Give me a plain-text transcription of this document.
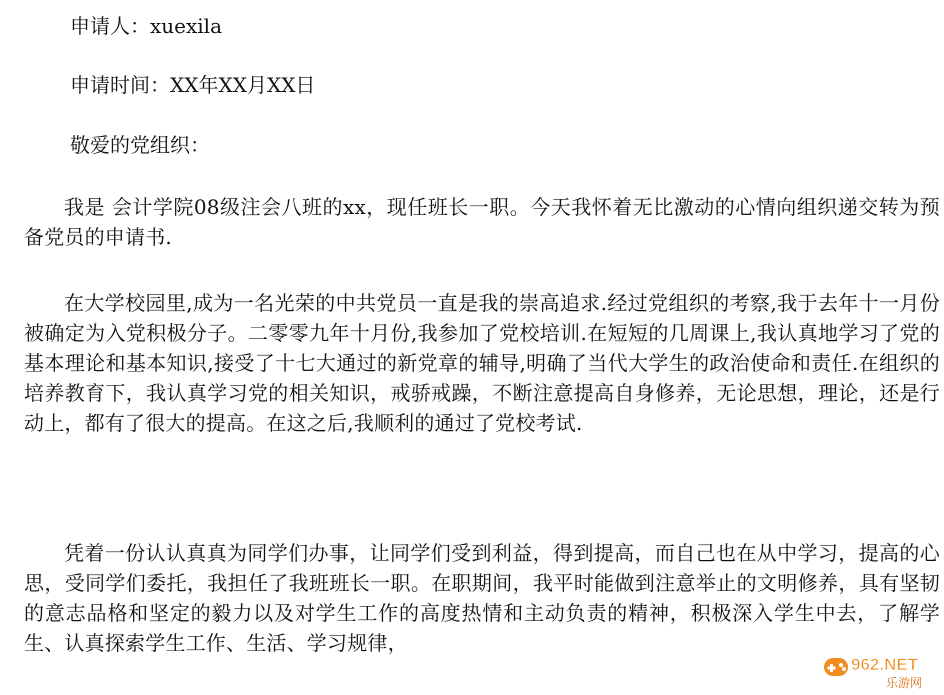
申请人：xuexila
申请时间：XX年XX月XX日
敬爱的党组织：

我是 会计学院08级注会八班的xx，现任班长一职。今天我怀着无比激动的心情向组织递交转为预备党员的申请书.

在大学校园里,成为一名光荣的中共党员一直是我的崇高追求.经过党组织的考察,我于去年十一月份被确定为入党积极分子。二零零九年十月份,我参加了党校培训.在短短的几周课上,我认真地学习了党的基本理论和基本知识,接受了十七大通过的新党章的辅导,明确了当代大学生的政治使命和责任.在组织的培养教育下，我认真学习党的相关知识，戒骄戒躁，不断注意提高自身修养，无论思想，理论，还是行动上，都有了很大的提高。在这之后,我顺利的通过了党校考试.

凭着一份认认真真为同学们办事，让同学们受到利益，得到提高，而自己也在从中学习，提高的心思，受同学们委托，我担任了我班班长一职。在职期间，我平时能做到注意举止的文明修养，具有坚韧的意志品格和坚定的毅力以及对学生工作的高度热情和主动负责的精神，积极深入学生中去，了解学生、认真探索学生工作、生活、学习规律，

962.NET
乐游网
